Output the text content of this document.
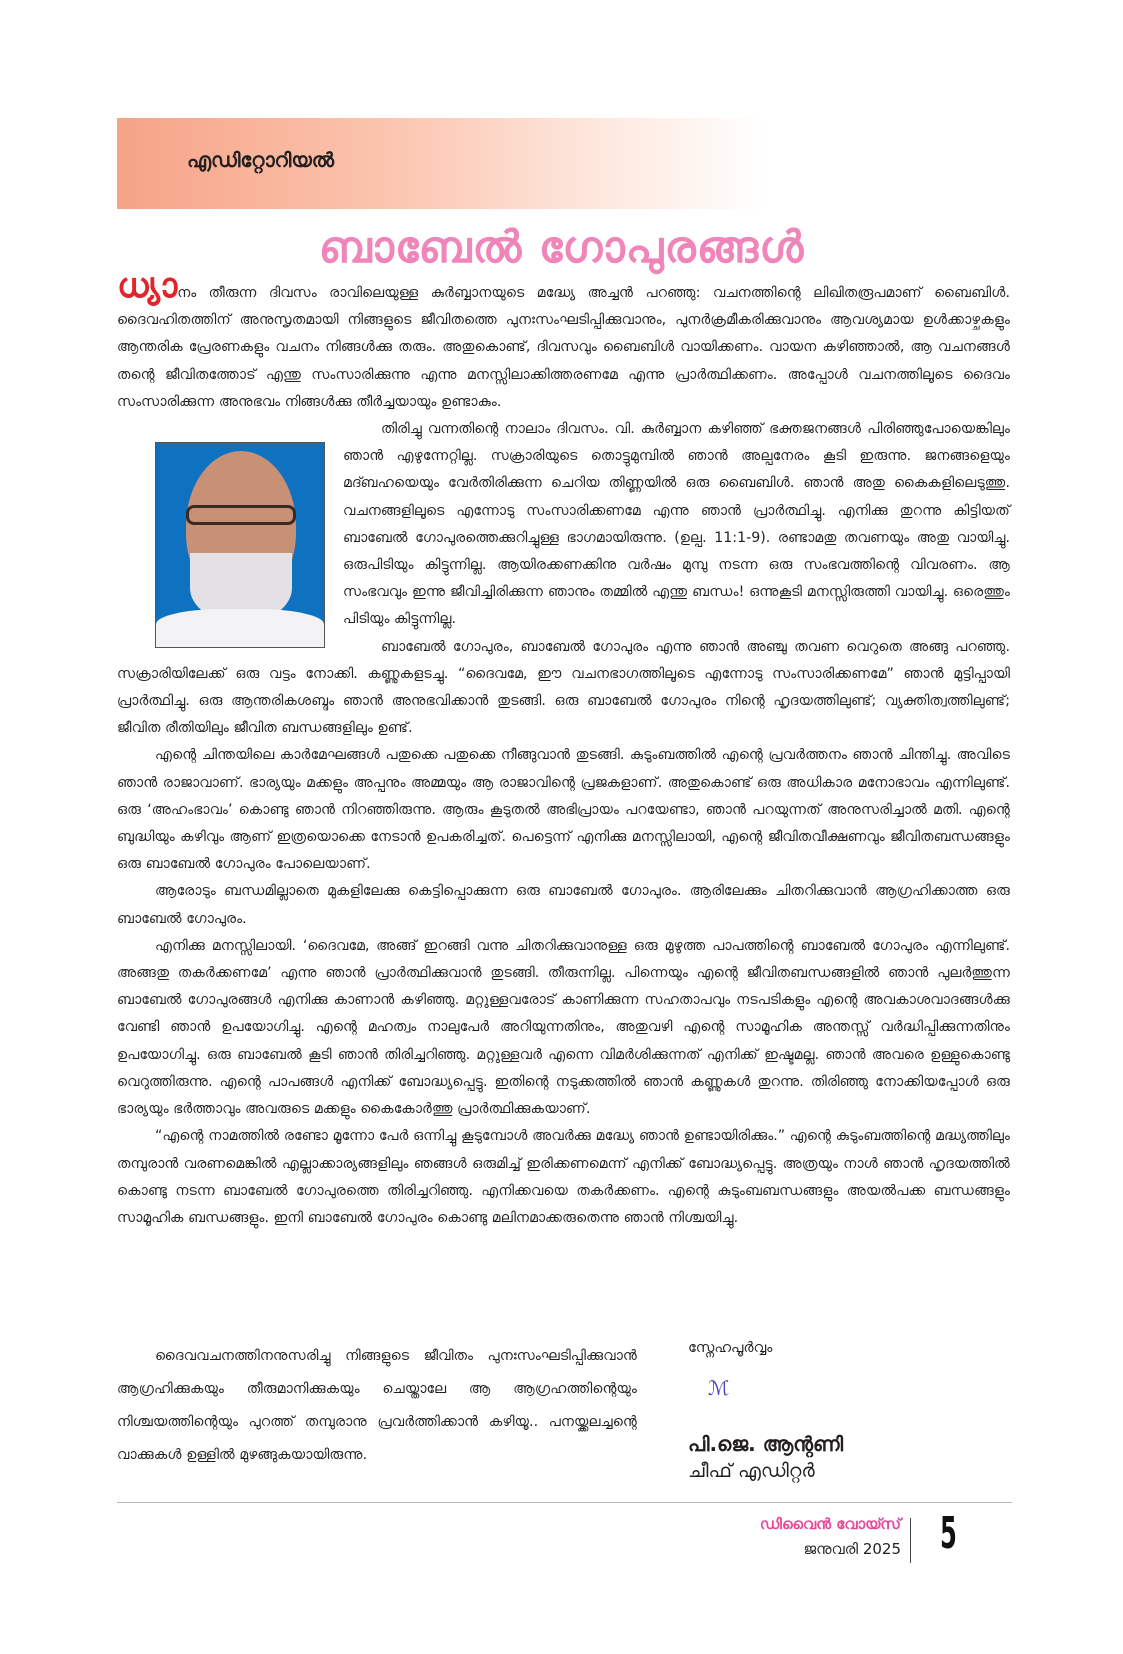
എഡിറ്റോറിയൽ
ബാബേൽ ഗോപുരങ്ങൾ

ധ്യാനം തീരുന്ന ദിവസം രാവിലെയുള്ള കുർബ്ബാനയുടെ മദ്ധ്യേ അച്ചൻ പറഞ്ഞു: വചനത്തിന്റെ ലിഖിതരൂപമാണ് ബൈബിൾ. ദൈവഹിതത്തിന് അനുസൃതമായി നിങ്ങളുടെ ജീവിതത്തെ പുനഃസംഘടിപ്പിക്കുവാനും, പുനർക്രമീകരിക്കുവാനും ആവശ്യമായ ഉൾക്കാഴ്ചകളും ആന്തരിക പ്രേരണകളും വചനം നിങ്ങൾക്കു തരും. അതുകൊണ്ട്, ദിവസവും ബൈബിൾ വായിക്കണം. വായന കഴിഞ്ഞാൽ, ആ വചനങ്ങൾ തന്റെ ജീവിതത്തോട് എന്തു സംസാരിക്കുന്നു എന്നു മനസ്സിലാക്കിത്തരണമേ എന്നു പ്രാർത്ഥിക്കണം. അപ്പോൾ വചനത്തിലൂടെ ദൈവം സംസാരിക്കുന്ന അനുഭവം നിങ്ങൾക്കു തീർച്ചയായും ഉണ്ടാകും.

തിരിച്ചു വന്നതിന്റെ നാലാം ദിവസം. വി. കുർബ്ബാന കഴിഞ്ഞ് ഭക്തജനങ്ങൾ പിരിഞ്ഞുപോയെങ്കിലും ഞാൻ എഴുന്നേറ്റില്ല. സക്രാരിയുടെ തൊട്ടുമുമ്പിൽ ഞാൻ അല്പനേരം കൂടി ഇരുന്നു. ജനങ്ങളെയും മദ്ബഹയെയും വേർതിരിക്കുന്ന ചെറിയ തിണ്ണയിൽ ഒരു ബൈബിൾ. ഞാൻ അതു കൈകളിലെടുത്തു. വചനങ്ങളിലൂടെ എന്നോടു സംസാരിക്കണമേ എന്നു ഞാൻ പ്രാർത്ഥിച്ചു. എനിക്കു തുറന്നു കിട്ടിയത് ബാബേൽ ഗോപുരത്തെക്കുറിച്ചുള്ള ഭാഗമായിരുന്നു. (ഉല്പ. 11:1-9). രണ്ടാമതു തവണയും അതു വായിച്ചു. ഒരുപിടിയും കിട്ടുന്നില്ല. ആയിരക്കണക്കിനു വർഷം മുമ്പു നടന്ന ഒരു സംഭവത്തിന്റെ വിവരണം. ആ സംഭവവും ഇന്നു ജീവിച്ചിരിക്കുന്ന ഞാനും തമ്മിൽ എന്തു ബന്ധം! ഒന്നുകൂടി മനസ്സിരുത്തി വായിച്ചു. ഒരെത്തും പിടിയും കിട്ടുന്നില്ല.

ബാബേൽ ഗോപുരം, ബാബേൽ ഗോപുരം എന്നു ഞാൻ അഞ്ചു തവണ വെറുതെ അങ്ങു പറഞ്ഞു. സക്രാരിയിലേക്ക് ഒരു വട്ടം നോക്കി. കണ്ണുകളടച്ചു. “ദൈവമേ, ഈ വചനഭാഗത്തിലൂടെ എന്നോടു സംസാരിക്കണമേ” ഞാൻ മുട്ടിപ്പായി പ്രാർത്ഥിച്ചു. ഒരു ആന്തരികശബ്ദം ഞാൻ അനുഭവിക്കാൻ തുടങ്ങി. ഒരു ബാബേൽ ഗോപുരം നിന്റെ ഹൃദയത്തിലുണ്ട്; വ്യക്തിത്വത്തിലുണ്ട്; ജീവിത രീതിയിലും ജീവിത ബന്ധങ്ങളിലും ഉണ്ട്.

എന്റെ ചിന്തയിലെ കാർമേഘങ്ങൾ പതുക്കെ പതുക്കെ നീങ്ങുവാൻ തുടങ്ങി. കുടുംബത്തിൽ എന്റെ പ്രവർത്തനം ഞാൻ ചിന്തിച്ചു. അവിടെ ഞാൻ രാജാവാണ്. ഭാര്യയും മക്കളും അപ്പനും അമ്മയും ആ രാജാവിന്റെ പ്രജകളാണ്. അതുകൊണ്ട് ഒരു അധികാര മനോഭാവം എന്നിലുണ്ട്. ഒരു ‘അഹംഭാവം’ കൊണ്ടു ഞാൻ നിറഞ്ഞിരുന്നു. ആരും കൂടുതൽ അഭിപ്രായം പറയേണ്ടാ, ഞാൻ പറയുന്നത് അനുസരിച്ചാൽ മതി. എന്റെ ബുദ്ധിയും കഴിവും ആണ് ഇത്രയൊക്കെ നേടാൻ ഉപകരിച്ചത്. പെട്ടെന്ന് എനിക്കു മനസ്സിലായി, എന്റെ ജീവിതവീക്ഷണവും ജീവിതബന്ധങ്ങളും ഒരു ബാബേൽ ഗോപുരം പോലെയാണ്.

ആരോടും ബന്ധമില്ലാതെ മുകളിലേക്കു കെട്ടിപ്പൊക്കുന്ന ഒരു ബാബേൽ ഗോപുരം. ആരിലേക്കും ചിതറിക്കുവാൻ ആഗ്രഹിക്കാത്ത ഒരു ബാബേൽ ഗോപുരം.

എനിക്കു മനസ്സിലായി. ‘ദൈവമേ, അങ്ങ് ഇറങ്ങി വന്നു ചിതറിക്കുവാനുള്ള ഒരു മുഴുത്ത പാപത്തിന്റെ ബാബേൽ ഗോപുരം എന്നിലുണ്ട്. അങ്ങതു തകർക്കണമേ’ എന്നു ഞാൻ പ്രാർത്ഥിക്കുവാൻ തുടങ്ങി. തീരുന്നില്ല. പിന്നെയും എന്റെ ജീവിതബന്ധങ്ങളിൽ ഞാൻ പുലർത്തുന്ന ബാബേൽ ഗോപുരങ്ങൾ എനിക്കു കാണാൻ കഴിഞ്ഞു. മറ്റുള്ളവരോട് കാണിക്കുന്ന സഹതാപവും നടപടികളും എന്റെ അവകാശവാദങ്ങൾക്കു വേണ്ടി ഞാൻ ഉപയോഗിച്ചു. എന്റെ മഹത്വം നാലുപേർ അറിയുന്നതിനും, അതുവഴി എന്റെ സാമൂഹിക അന്തസ്സ് വർദ്ധിപ്പിക്കുന്നതിനും ഉപയോഗിച്ചു. ഒരു ബാബേൽ കൂടി ഞാൻ തിരിച്ചറിഞ്ഞു. മറ്റുള്ളവർ എന്നെ വിമർശിക്കുന്നത് എനിക്ക് ഇഷ്ടമല്ല. ഞാൻ അവരെ ഉള്ളുകൊണ്ടു വെറുത്തിരുന്നു. എന്റെ പാപങ്ങൾ എനിക്ക് ബോദ്ധ്യപ്പെട്ടു. ഇതിന്റെ നടുക്കത്തിൽ ഞാൻ കണ്ണുകൾ തുറന്നു. തിരിഞ്ഞു നോക്കിയപ്പോൾ ഒരു ഭാര്യയും ഭർത്താവും അവരുടെ മക്കളും കൈകോർത്തു പ്രാർത്ഥിക്കുകയാണ്.

“എന്റെ നാമത്തിൽ രണ്ടോ മൂന്നോ പേർ ഒന്നിച്ചു കൂടുമ്പോൾ അവർക്കു മദ്ധ്യേ ഞാൻ ഉണ്ടായിരിക്കും.” എന്റെ കുടുംബത്തിന്റെ മദ്ധ്യത്തിലും തമ്പുരാൻ വരണമെങ്കിൽ എല്ലാക്കാര്യങ്ങളിലും ഞങ്ങൾ ഒരുമിച്ച് ഇരിക്കണമെന്ന് എനിക്ക് ബോദ്ധ്യപ്പെട്ടു. അത്രയും നാൾ ഞാൻ ഹൃദയത്തിൽ കൊണ്ടു നടന്ന ബാബേൽ ഗോപുരത്തെ തിരിച്ചറിഞ്ഞു. എനിക്കവയെ തകർക്കണം. എന്റെ കുടുംബബന്ധങ്ങളും അയൽപക്ക ബന്ധങ്ങളും സാമൂഹിക ബന്ധങ്ങളും. ഇനി ബാബേൽ ഗോപുരം കൊണ്ടു മലിനമാക്കരുതെന്നു ഞാൻ നിശ്ചയിച്ചു.

ദൈവവചനത്തിനനുസരിച്ചു നിങ്ങളുടെ ജീവിതം പുനഃസംഘടിപ്പിക്കുവാൻ ആഗ്രഹിക്കുകയും തീരുമാനിക്കുകയും ചെയ്താലേ ആ ആഗ്രഹത്തിന്റെയും നിശ്ചയത്തിന്റെയും പുറത്ത് തമ്പുരാനു പ്രവർത്തിക്കാൻ കഴിയൂ.. പനയ്ക്കലച്ചന്റെ വാക്കുകൾ ഉള്ളിൽ മുഴങ്ങുകയായിരുന്നു.

സ്നേഹപൂർവ്വം
ℳ
പി.ജെ. ആന്റണി
ചീഫ് എഡിറ്റർ
ഡിവൈൻ വോയ്സ്
ജനുവരി 2025 5
